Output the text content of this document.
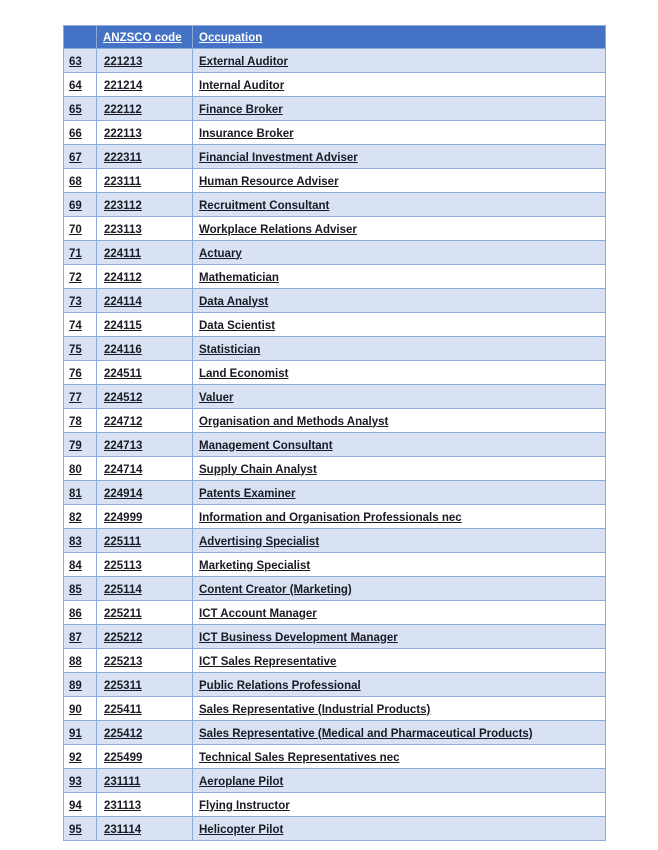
	ANZSCO code	Occupation
63	221213	External Auditor
64	221214	Internal Auditor
65	222112	Finance Broker
66	222113	Insurance Broker
67	222311	Financial Investment Adviser
68	223111	Human Resource Adviser
69	223112	Recruitment Consultant
70	223113	Workplace Relations Adviser
71	224111	Actuary
72	224112	Mathematician
73	224114	Data Analyst
74	224115	Data Scientist
75	224116	Statistician
76	224511	Land Economist
77	224512	Valuer
78	224712	Organisation and Methods Analyst
79	224713	Management Consultant
80	224714	Supply Chain Analyst
81	224914	Patents Examiner
82	224999	Information and Organisation Professionals nec
83	225111	Advertising Specialist
84	225113	Marketing Specialist
85	225114	Content Creator (Marketing)
86	225211	ICT Account Manager
87	225212	ICT Business Development Manager
88	225213	ICT Sales Representative
89	225311	Public Relations Professional
90	225411	Sales Representative (Industrial Products)
91	225412	Sales Representative (Medical and Pharmaceutical Products)
92	225499	Technical Sales Representatives nec
93	231111	Aeroplane Pilot
94	231113	Flying Instructor
95	231114	Helicopter Pilot
